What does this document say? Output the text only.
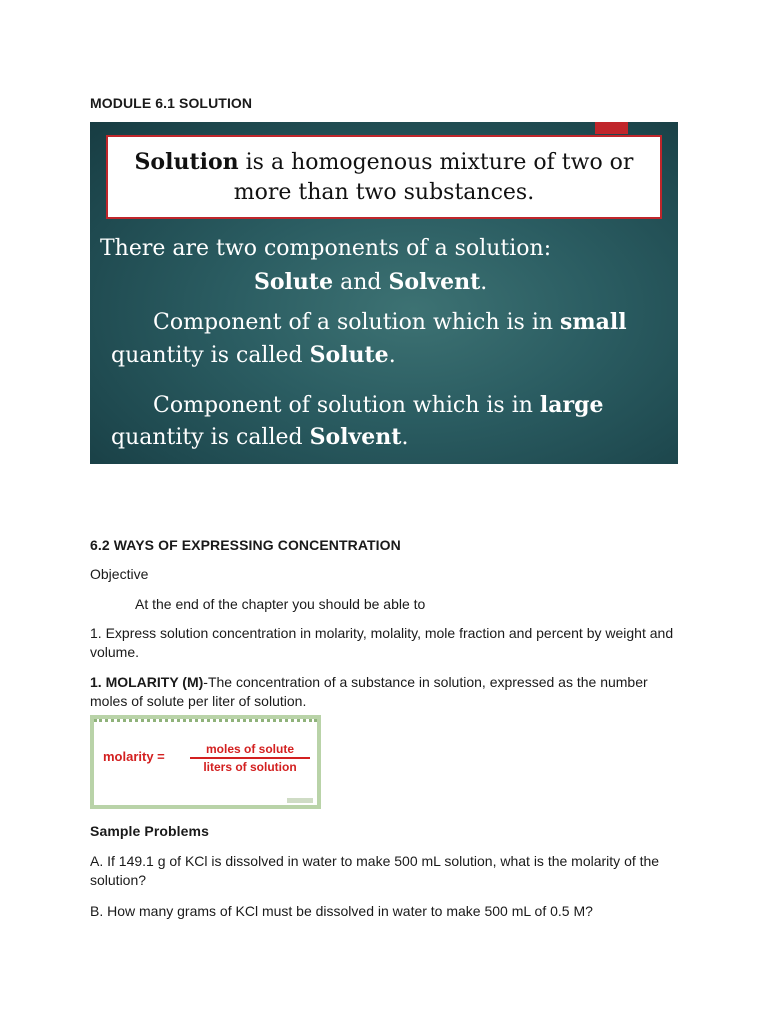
MODULE 6.1 SOLUTION
Solution is a homogenous mixture of two or
more than two substances.
There are two components of a solution:
Solute and Solvent.
Component of a solution which is in small
quantity is called Solute.
Component of solution which is in large
quantity is called Solvent.
6.2 WAYS OF EXPRESSING CONCENTRATION
Objective
At the end of the chapter you should be able to
1. Express solution concentration in molarity, molality, mole fraction and percent by weight and volume.
1. MOLARITY (M)-The concentration of a substance in solution, expressed as the number moles of solute per liter of solution.
molarity =	moles of solute
liters of solution
Sample Problems
A. If 149.1 g of KCl is dissolved in water to make 500 mL solution, what is the molarity of the solution?
B. How many grams of KCl must be dissolved in water to make 500 mL of 0.5 M?
